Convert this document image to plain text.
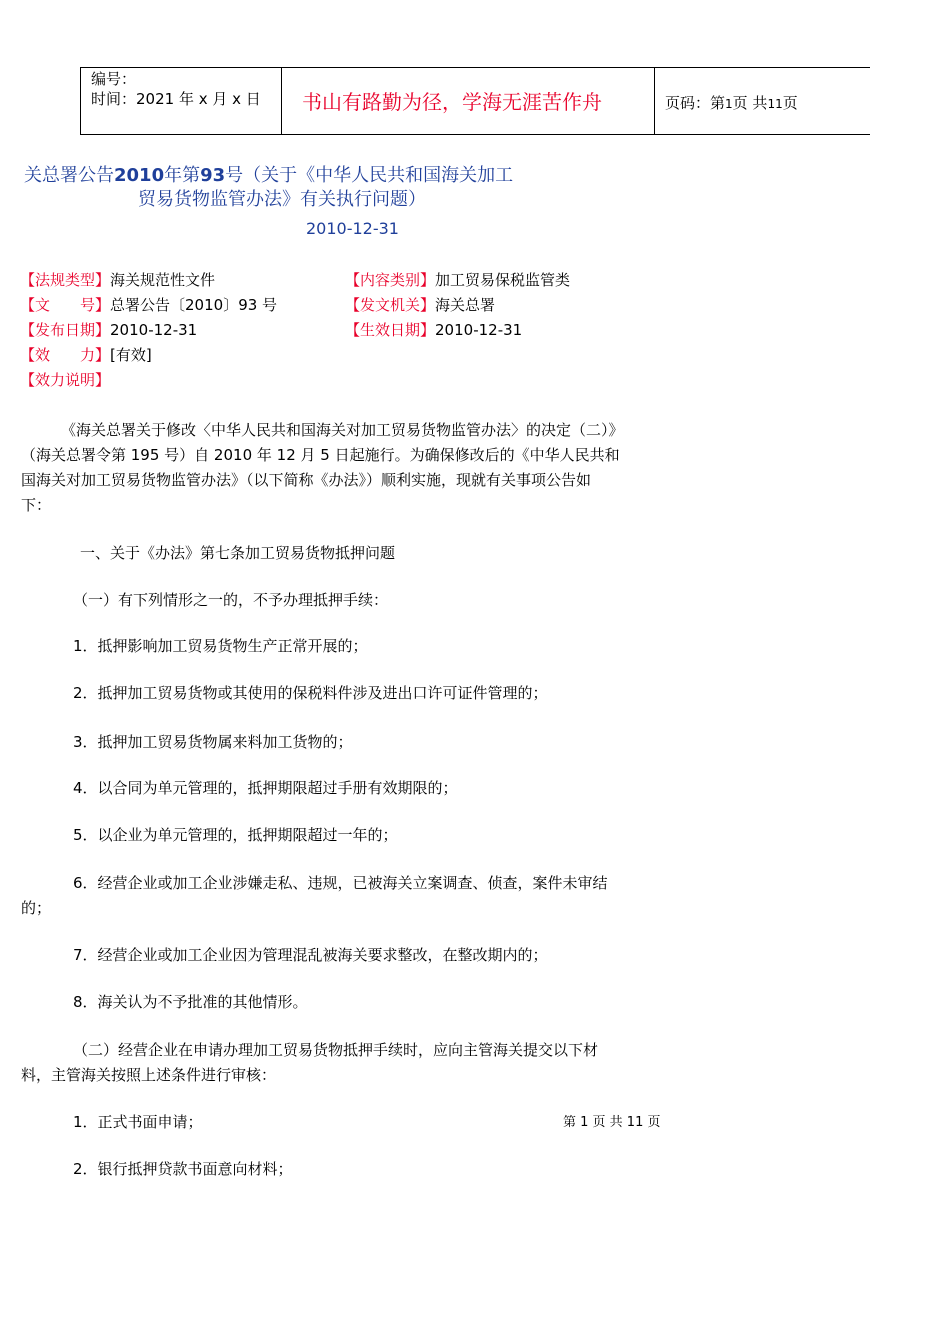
编号：
时间：2021 年 x 月 x 日 书山有路勤为径，学海无涯苦作舟	页码：第1页 共11页
关总署公告2010年第93号（关于《中华人民共和国海关加工
贸易货物监管办法》有关执行问题）
2010-12-31
【法规类型】海关规范性文件
【文　　号】总署公告〔2010〕93 号
【发布日期】2010-12-31
【效　　力】[有效]
【效力说明】
【内容类别】加工贸易保税监管类
【发文机关】海关总署
【生效日期】2010-12-31
《海关总署关于修改〈中华人民共和国海关对加工贸易货物监管办法〉的决定（二）》
（海关总署令第 195 号）自 2010 年 12 月 5 日起施行。为确保修改后的《中华人民共和
国海关对加工贸易货物监管办法》（以下简称《办法》）顺利实施，现就有关事项公告如
下：
一、关于《办法》第七条加工贸易货物抵押问题
（一）有下列情形之一的，不予办理抵押手续：
1．抵押影响加工贸易货物生产正常开展的；
2．抵押加工贸易货物或其使用的保税料件涉及进出口许可证件管理的；
3．抵押加工贸易货物属来料加工货物的；
4．以合同为单元管理的，抵押期限超过手册有效期限的；
5．以企业为单元管理的，抵押期限超过一年的；
6．经营企业或加工企业涉嫌走私、违规，已被海关立案调查、侦查，案件未审结
的；
7．经营企业或加工企业因为管理混乱被海关要求整改，在整改期内的；
8．海关认为不予批准的其他情形。
（二）经营企业在申请办理加工贸易货物抵押手续时，应向主管海关提交以下材
料，主管海关按照上述条件进行审核：
1．正式书面申请；
2．银行抵押贷款书面意向材料；
第 1 页 共 11 页
